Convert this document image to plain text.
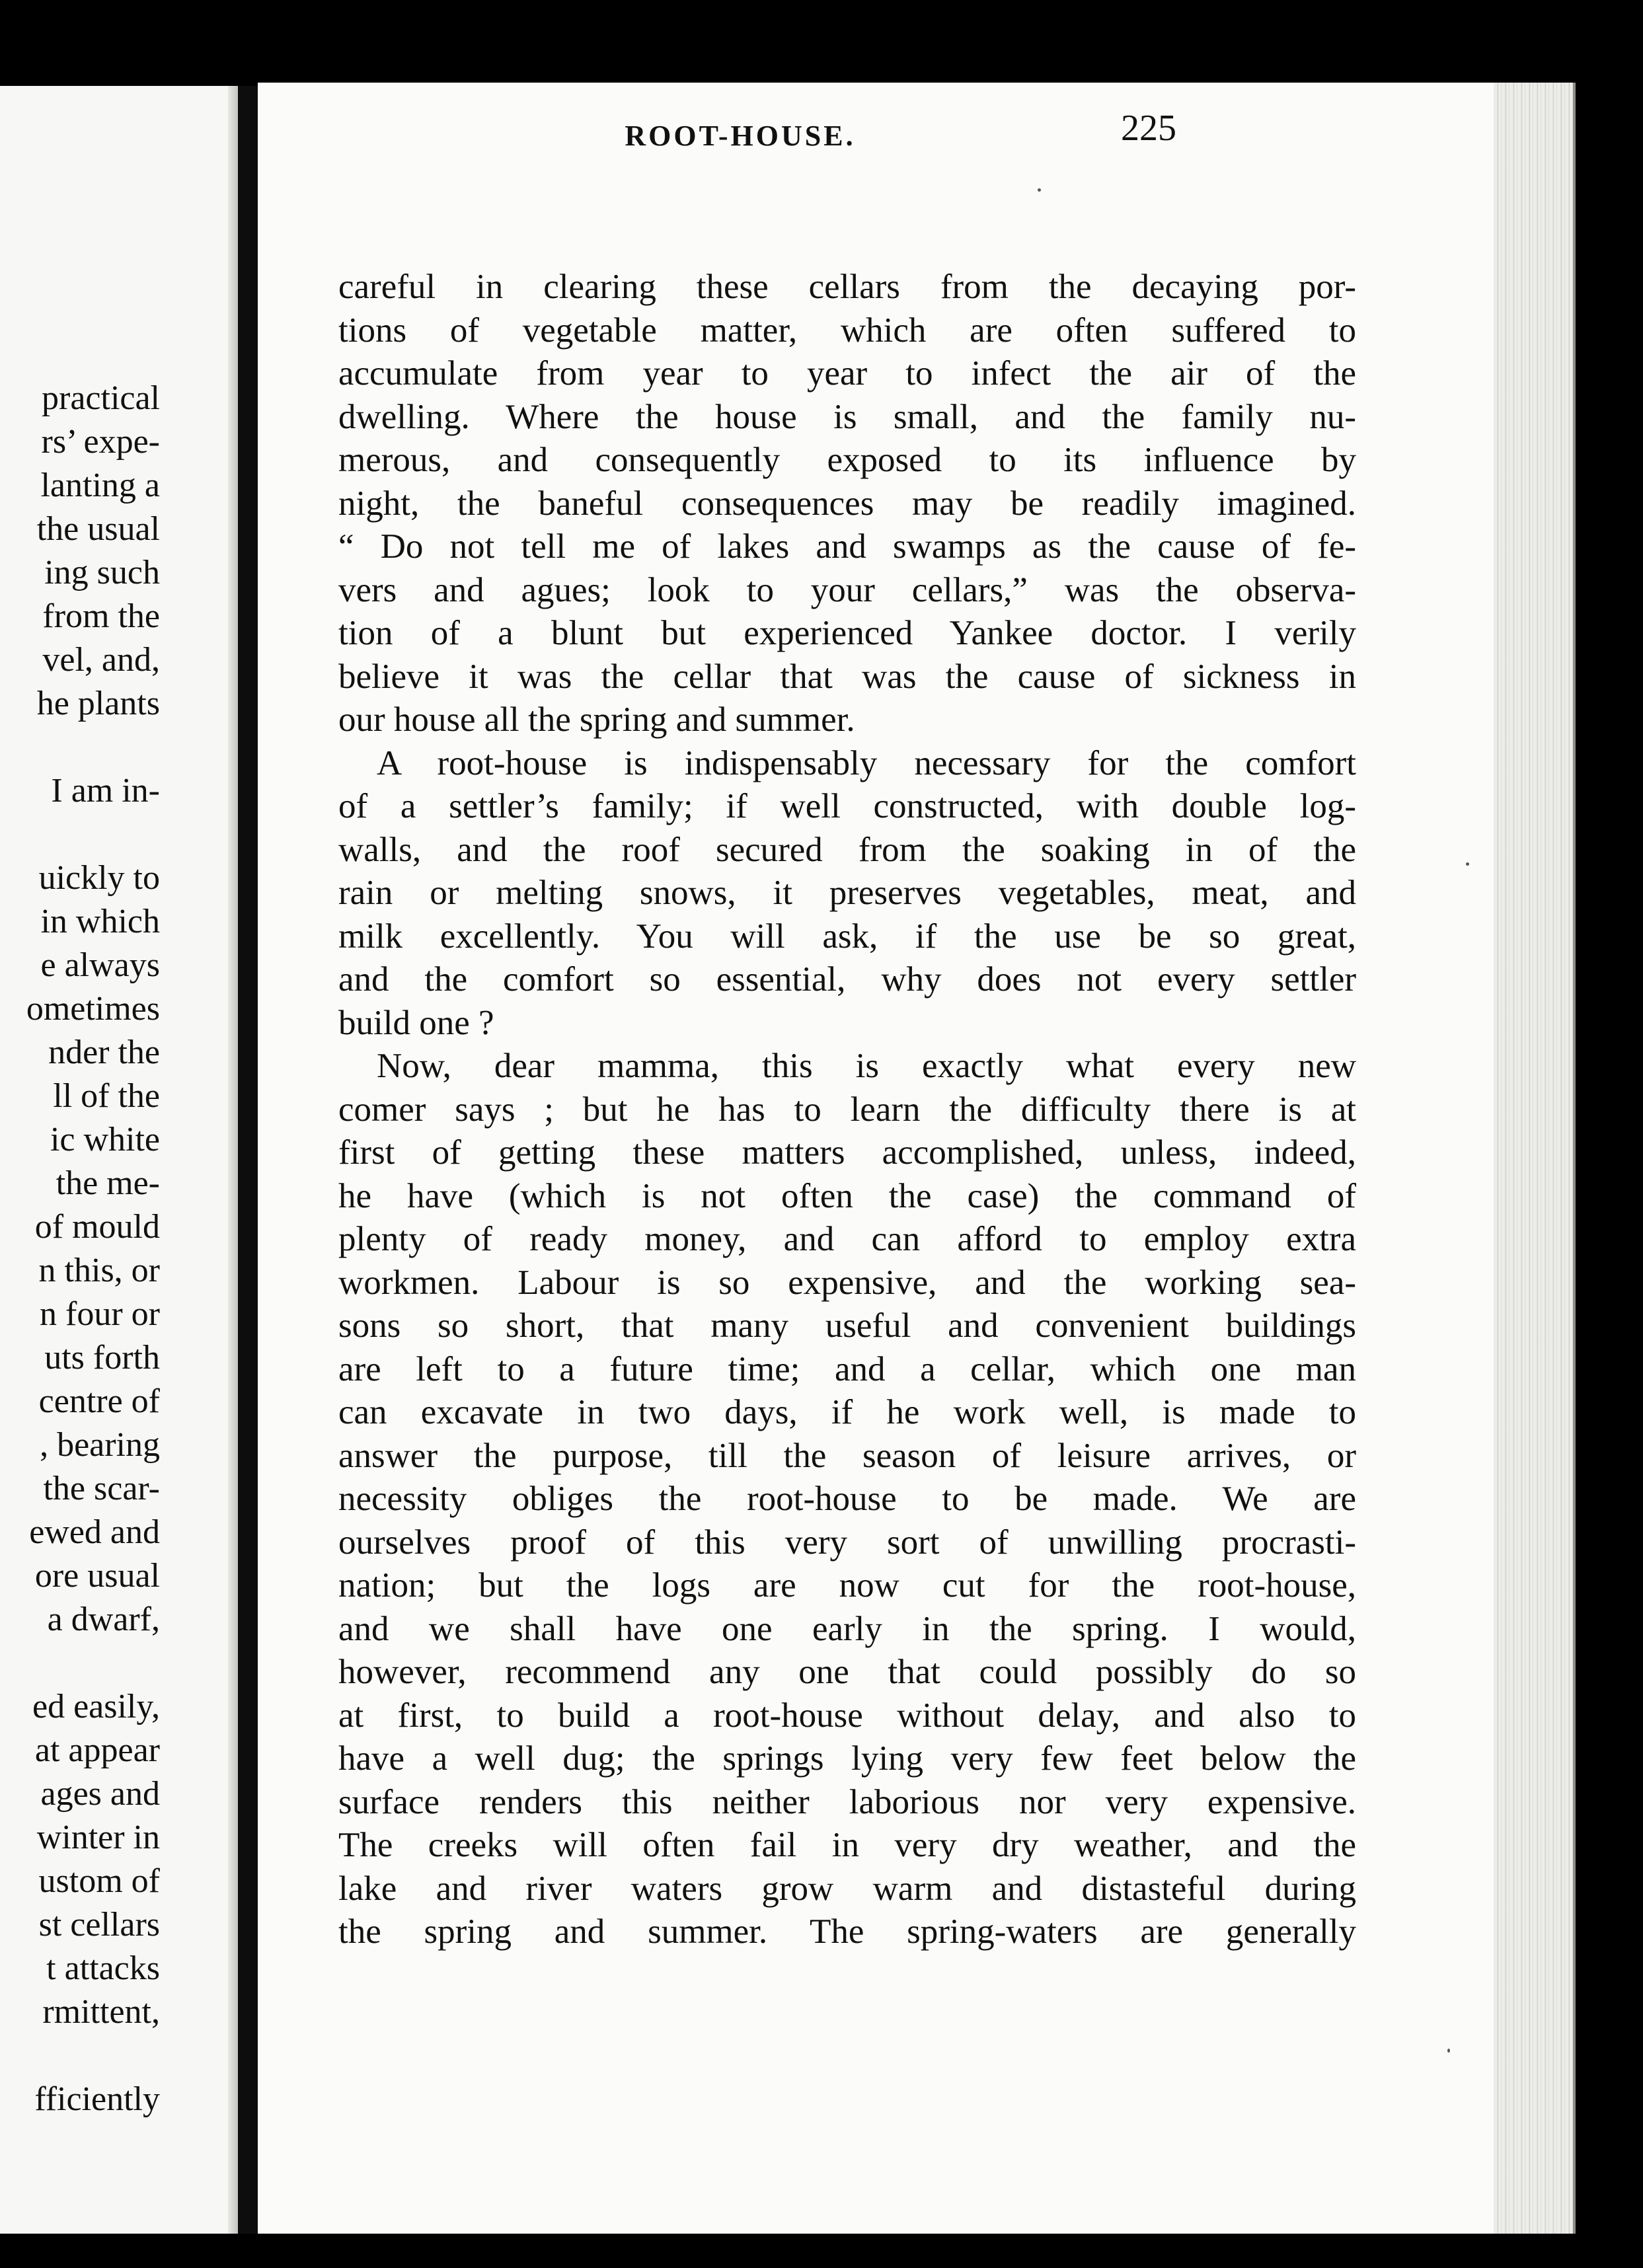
practical
rs’ expe-
lanting a
the usual
ing such
from the
vel, and,
he plants
I am in-
uickly to
in which
e always
ometimes
nder the
ll of the
ic white
the me-
of mould
n this, or
n four or
uts forth
centre of
, bearing
the scar-
ewed and
ore usual
a dwarf,
ed easily,
at appear
ages and
winter in
ustom of
st cellars
t attacks
rmittent,
fficiently
ROOT-HOUSE.	225
careful in clearing these cellars from the decaying por-
tions of vegetable matter, which are often suffered to
accumulate from year to year to infect the air of the
dwelling. Where the house is small, and the family nu-
merous, and consequently exposed to its influence by
night, the baneful consequences may be readily imagined.
“ Do not tell me of lakes and swamps as the cause of fe-
vers and agues; look to your cellars,” was the observa-
tion of a blunt but experienced Yankee doctor. I verily
believe it was the cellar that was the cause of sickness in
our house all the spring and summer.
A root-house is indispensably necessary for the comfort
of a settler’s family; if well constructed, with double log-
walls, and the roof secured from the soaking in of the
rain or melting snows, it preserves vegetables, meat, and
milk excellently. You will ask, if the use be so great,
and the comfort so essential, why does not every settler
build one ?
Now, dear mamma, this is exactly what every new
comer says ; but he has to learn the difficulty there is at
first of getting these matters accomplished, unless, indeed,
he have (which is not often the case) the command of
plenty of ready money, and can afford to employ extra
workmen. Labour is so expensive, and the working sea-
sons so short, that many useful and convenient buildings
are left to a future time; and a cellar, which one man
can excavate in two days, if he work well, is made to
answer the purpose, till the season of leisure arrives, or
necessity obliges the root-house to be made. We are
ourselves proof of this very sort of unwilling procrasti-
nation; but the logs are now cut for the root-house,
and we shall have one early in the spring. I would,
however, recommend any one that could possibly do so
at first, to build a root-house without delay, and also to
have a well dug; the springs lying very few feet below the
surface renders this neither laborious nor very expensive.
The creeks will often fail in very dry weather, and the
lake and river waters grow warm and distasteful during
the spring and summer. The spring-waters are generally
